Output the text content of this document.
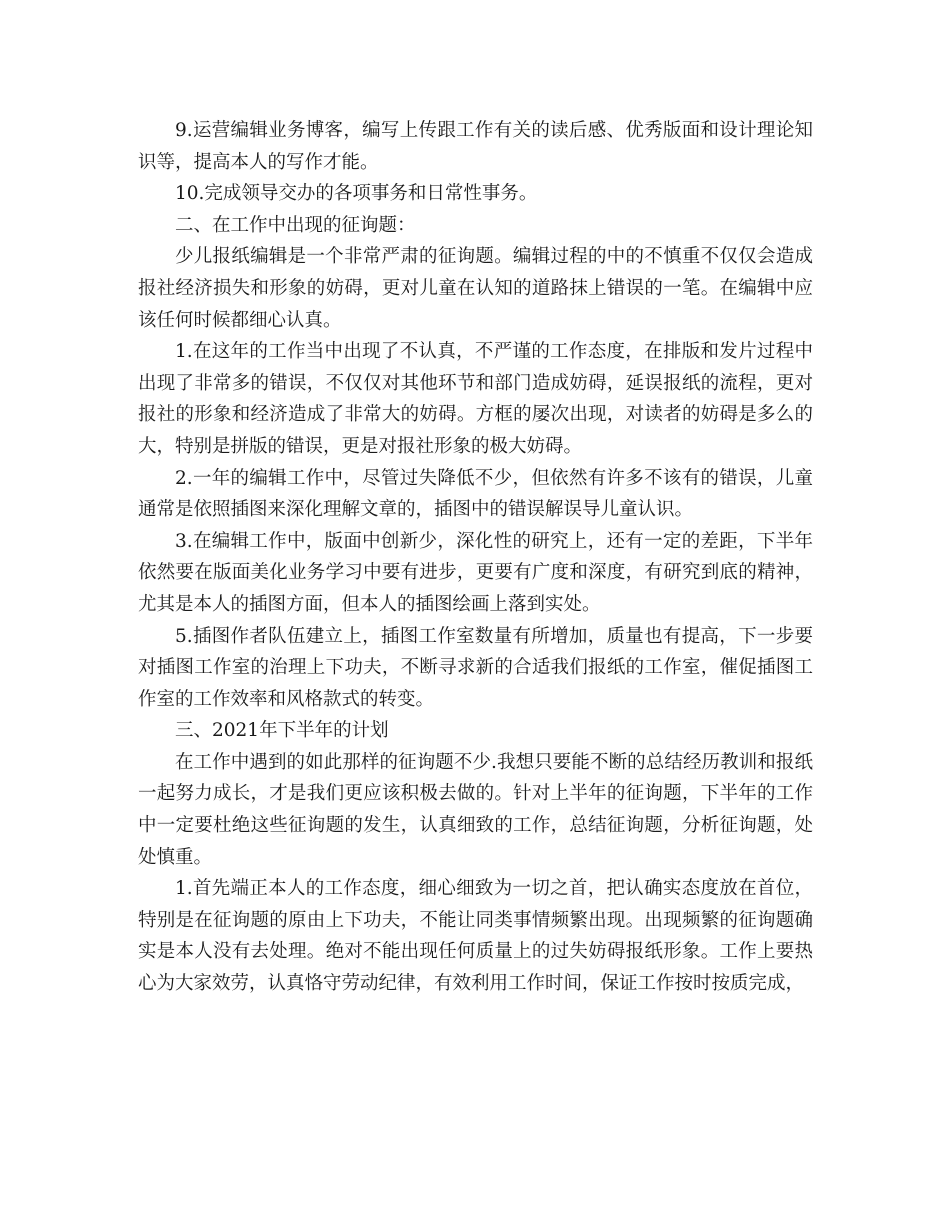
9.运营编辑业务博客，编写上传跟工作有关的读后感、优秀版面和设计理论知识等，提高本人的写作才能。

10.完成领导交办的各项事务和日常性事务。

二、在工作中出现的征询题：

少儿报纸编辑是一个非常严肃的征询题。编辑过程的中的不慎重不仅仅会造成报社经济损失和形象的妨碍，更对儿童在认知的道路抹上错误的一笔。在编辑中应该任何时候都细心认真。

1.在这年的工作当中出现了不认真，不严谨的工作态度，在排版和发片过程中出现了非常多的错误，不仅仅对其他环节和部门造成妨碍，延误报纸的流程，更对报社的形象和经济造成了非常大的妨碍。方框的屡次出现，对读者的妨碍是多么的大，特别是拼版的错误，更是对报社形象的极大妨碍。

2.一年的编辑工作中，尽管过失降低不少，但依然有许多不该有的错误，儿童通常是依照插图来深化理解文章的，插图中的错误解误导儿童认识。

3.在编辑工作中，版面中创新少，深化性的研究上，还有一定的差距，下半年依然要在版面美化业务学习中要有进步，更要有广度和深度，有研究到底的精神，尤其是本人的插图方面，但本人的插图绘画上落到实处。

5.插图作者队伍建立上，插图工作室数量有所增加，质量也有提高，下一步要对插图工作室的治理上下功夫，不断寻求新的合适我们报纸的工作室，催促插图工作室的工作效率和风格款式的转变。

三、2021年下半年的计划

在工作中遇到的如此那样的征询题不少.我想只要能不断的总结经历教训和报纸一起努力成长，才是我们更应该积极去做的。针对上半年的征询题，下半年的工作中一定要杜绝这些征询题的发生，认真细致的工作，总结征询题，分析征询题，处处慎重。

1.首先端正本人的工作态度，细心细致为一切之首，把认确实态度放在首位，特别是在征询题的原由上下功夫，不能让同类事情频繁出现。出现频繁的征询题确实是本人没有去处理。绝对不能出现任何质量上的过失妨碍报纸形象。工作上要热心为大家效劳，认真恪守劳动纪律，有效利用工作时间，保证工作按时按质完成，
